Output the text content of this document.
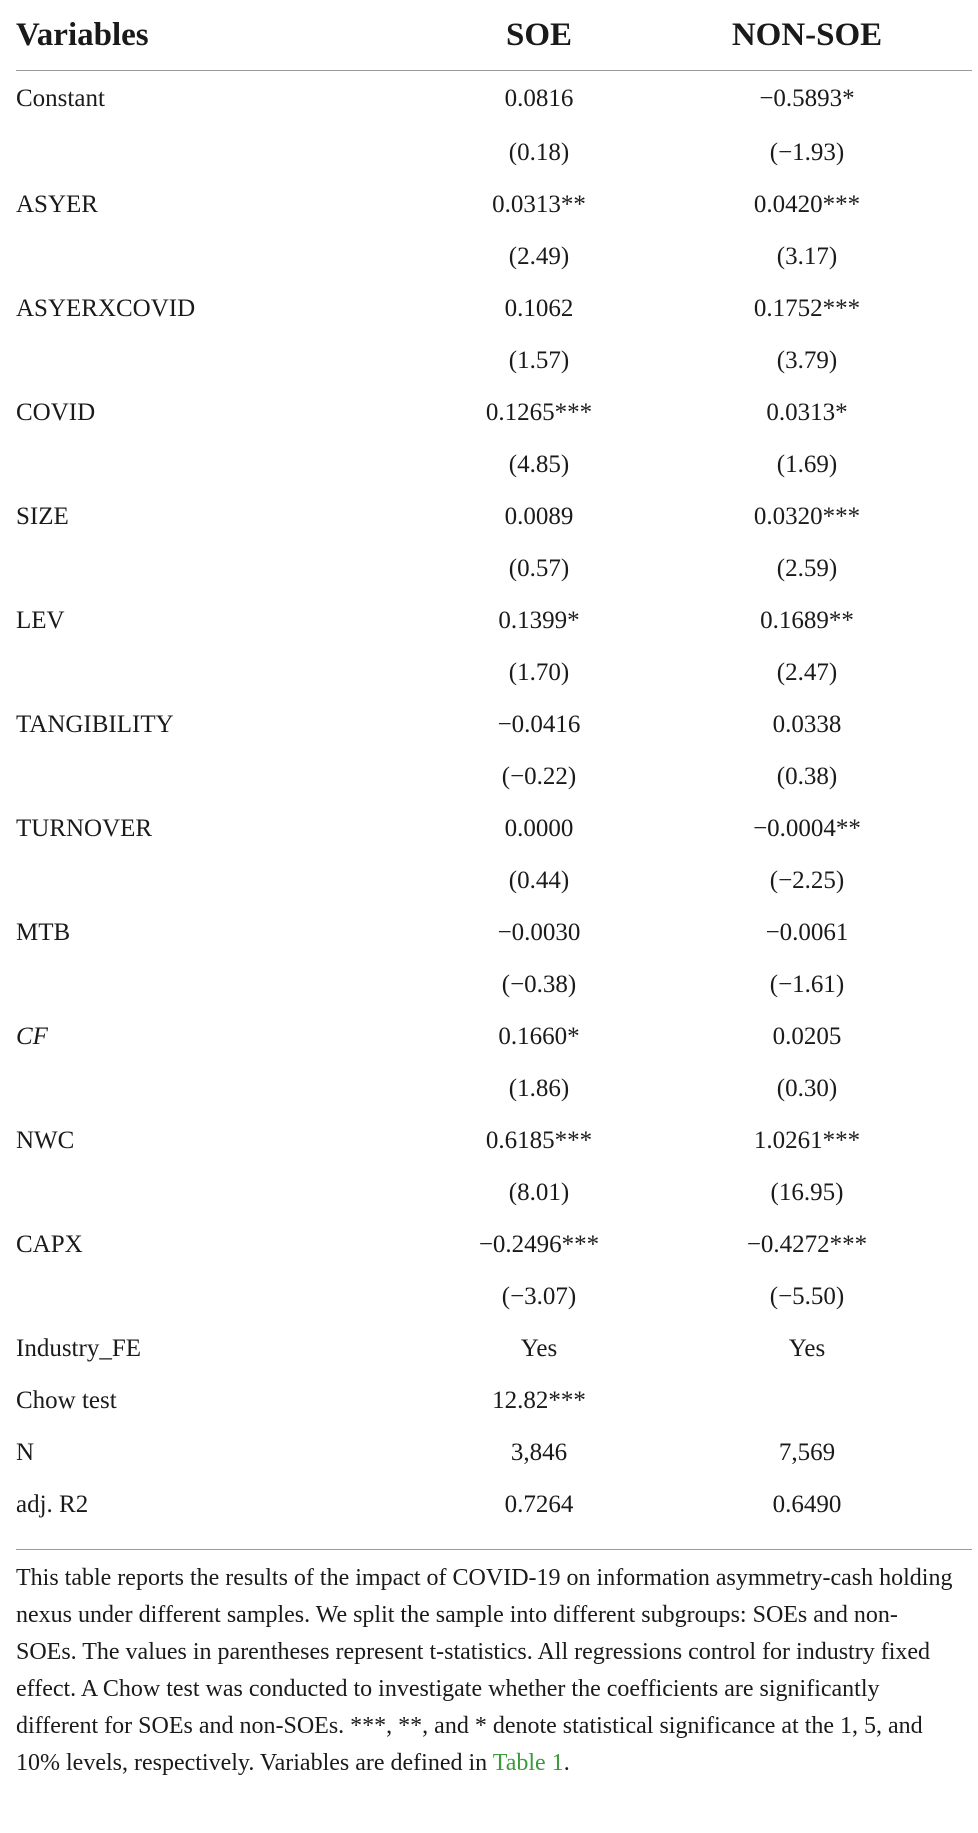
Variables	SOE	NON-SOE
Constant	0.0816	−0.5893*
	(0.18)	(−1.93)
ASYER	0.0313**	0.0420***
	(2.49)	(3.17)
ASYERXCOVID	0.1062	0.1752***
	(1.57)	(3.79)
COVID	0.1265***	0.0313*
	(4.85)	(1.69)
SIZE	0.0089	0.0320***
	(0.57)	(2.59)
LEV	0.1399*	0.1689**
	(1.70)	(2.47)
TANGIBILITY	−0.0416	0.0338
	(−0.22)	(0.38)
TURNOVER	0.0000	−0.0004**
	(0.44)	(−2.25)
MTB	−0.0030	−0.0061
	(−0.38)	(−1.61)
CF	0.1660*	0.0205
	(1.86)	(0.30)
NWC	0.6185***	1.0261***
	(8.01)	(16.95)
CAPX	−0.2496***	−0.4272***
	(−3.07)	(−5.50)
Industry_FE	Yes	Yes
Chow test	12.82***	
N	3,846	7,569
adj. R2	0.7264	0.6490

This table reports the results of the impact of COVID-19 on information asymmetry-cash holding nexus under different samples. We split the sample into different subgroups: SOEs and non-SOEs. The values in parentheses represent t-statistics. All regressions control for industry fixed effect. A Chow test was conducted to investigate whether the coefficients are significantly different for SOEs and non-SOEs. ***, **, and * denote statistical significance at the 1, 5, and 10% levels, respectively. Variables are defined in Table 1.
